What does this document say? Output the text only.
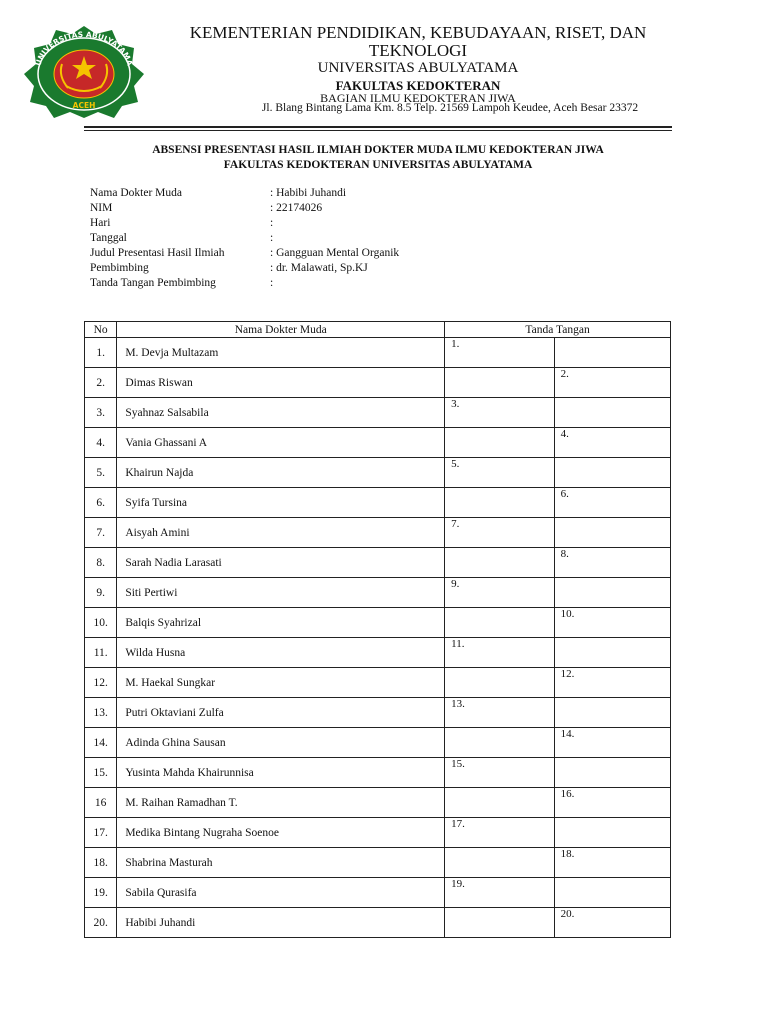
UNIVERSITAS ABULYATAMA
ACEH
KEMENTERIAN PENDIDIKAN, KEBUDAYAAN, RISET, DAN
TEKNOLOGI
UNIVERSITAS ABULYATAMA
FAKULTAS KEDOKTERAN
BAGIAN ILMU KEDOKTERAN JIWA
Jl. Blang Bintang Lama Km. 8.5 Telp. 21569 Lampoh Keudee, Aceh Besar 23372
ABSENSI PRESENTASI HASIL ILMIAH DOKTER MUDA ILMU KEDOKTERAN JIWA
FAKULTAS KEDOKTERAN UNIVERSITAS ABULYATAMA
Nama Dokter Muda	: Habibi Juhandi
NIM	: 22174026
Hari	:
Tanggal	:
Judul Presentasi Hasil Ilmiah	: Gangguan Mental Organik
Pembimbing	: dr. Malawati, Sp.KJ
Tanda Tangan Pembimbing	:
No	Nama Dokter Muda	Tanda Tangan	
1.	M. Devja Multazam	1.	
2.	Dimas Riswan		2.
3.	Syahnaz Salsabila	3.	
4.	Vania Ghassani A		4.
5.	Khairun Najda	5.	
6.	Syifa Tursina		6.
7.	Aisyah Amini	7.	
8.	Sarah Nadia Larasati		8.
9.	Siti Pertiwi	9.	
10.	Balqis Syahrizal		10.
11.	Wilda Husna	11.	
12.	M. Haekal Sungkar		12.
13.	Putri Oktaviani Zulfa	13.	
14.	Adinda Ghina Sausan		14.
15.	Yusinta Mahda Khairunnisa	15.	
16	M. Raihan Ramadhan T.		16.
17.	Medika Bintang Nugraha Soenoe	17.	
18.	Shabrina Masturah		18.
19.	Sabila Qurasifa	19.	
20.	Habibi Juhandi		20.
